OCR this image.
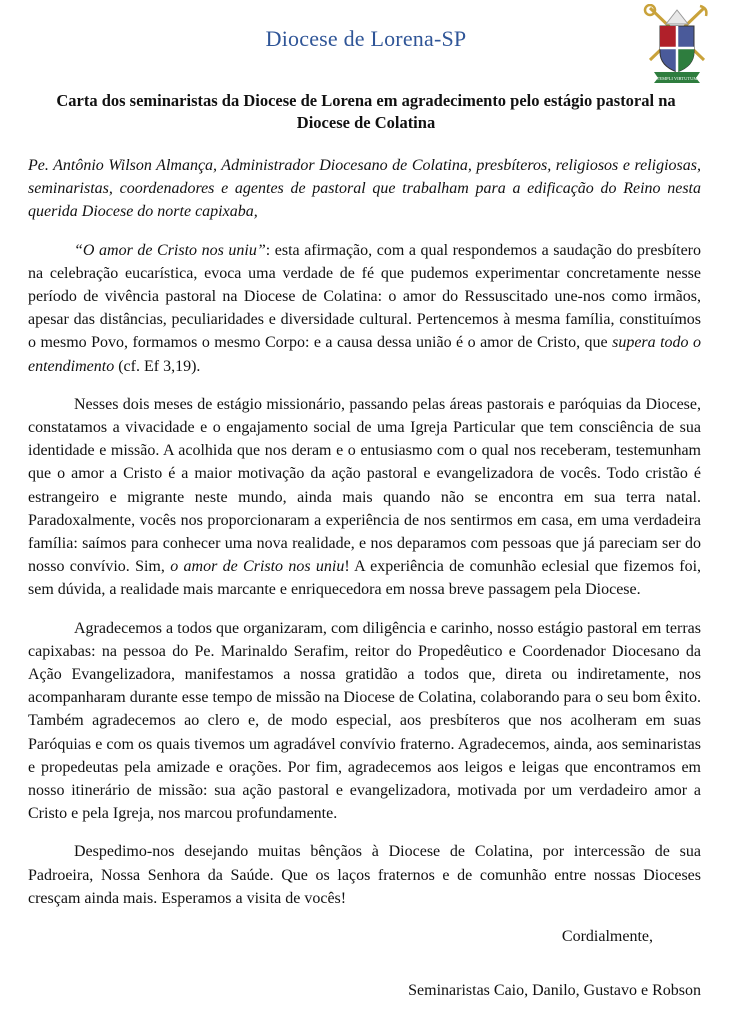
Diocese de Lorena-SP
TEMPLI VIRTUTUM
Carta dos seminaristas da Diocese de Lorena em agradecimento pelo estágio pastoral na Diocese de Colatina

Pe. Antônio Wilson Almança, Administrador Diocesano de Colatina, presbíteros, religiosos e religiosas, seminaristas, coordenadores e agentes de pastoral que trabalham para a edificação do Reino nesta querida Diocese do norte capixaba,

“O amor de Cristo nos uniu”: esta afirmação, com a qual respondemos a saudação do presbítero na celebração eucarística, evoca uma verdade de fé que pudemos experimentar concretamente nesse período de vivência pastoral na Diocese de Colatina: o amor do Ressuscitado une-nos como irmãos, apesar das distâncias, peculiaridades e diversidade cultural. Pertencemos à mesma família, constituímos o mesmo Povo, formamos o mesmo Corpo: e a causa dessa união é o amor de Cristo, que supera todo o entendimento (cf. Ef 3,19).

Nesses dois meses de estágio missionário, passando pelas áreas pastorais e paróquias da Diocese, constatamos a vivacidade e o engajamento social de uma Igreja Particular que tem consciência de sua identidade e missão. A acolhida que nos deram e o entusiasmo com o qual nos receberam, testemunham que o amor a Cristo é a maior motivação da ação pastoral e evangelizadora de vocês. Todo cristão é estrangeiro e migrante neste mundo, ainda mais quando não se encontra em sua terra natal. Paradoxalmente, vocês nos proporcionaram a experiência de nos sentirmos em casa, em uma verdadeira família: saímos para conhecer uma nova realidade, e nos deparamos com pessoas que já pareciam ser do nosso convívio. Sim, o amor de Cristo nos uniu! A experiência de comunhão eclesial que fizemos foi, sem dúvida, a realidade mais marcante e enriquecedora em nossa breve passagem pela Diocese.

Agradecemos a todos que organizaram, com diligência e carinho, nosso estágio pastoral em terras capixabas: na pessoa do Pe. Marinaldo Serafim, reitor do Propedêutico e Coordenador Diocesano da Ação Evangelizadora, manifestamos a nossa gratidão a todos que, direta ou indiretamente, nos acompanharam durante esse tempo de missão na Diocese de Colatina, colaborando para o seu bom êxito. Também agradecemos ao clero e, de modo especial, aos presbíteros que nos acolheram em suas Paróquias e com os quais tivemos um agradável convívio fraterno. Agradecemos, ainda, aos seminaristas e propedeutas pela amizade e orações. Por fim, agradecemos aos leigos e leigas que encontramos em nosso itinerário de missão: sua ação pastoral e evangelizadora, motivada por um verdadeiro amor a Cristo e pela Igreja, nos marcou profundamente.

Despedimo-nos desejando muitas bênçãos à Diocese de Colatina, por intercessão de sua Padroeira, Nossa Senhora da Saúde. Que os laços fraternos e de comunhão entre nossas Dioceses cresçam ainda mais. Esperamos a visita de vocês!

Cordialmente,

Seminaristas Caio, Danilo, Gustavo e Robson
